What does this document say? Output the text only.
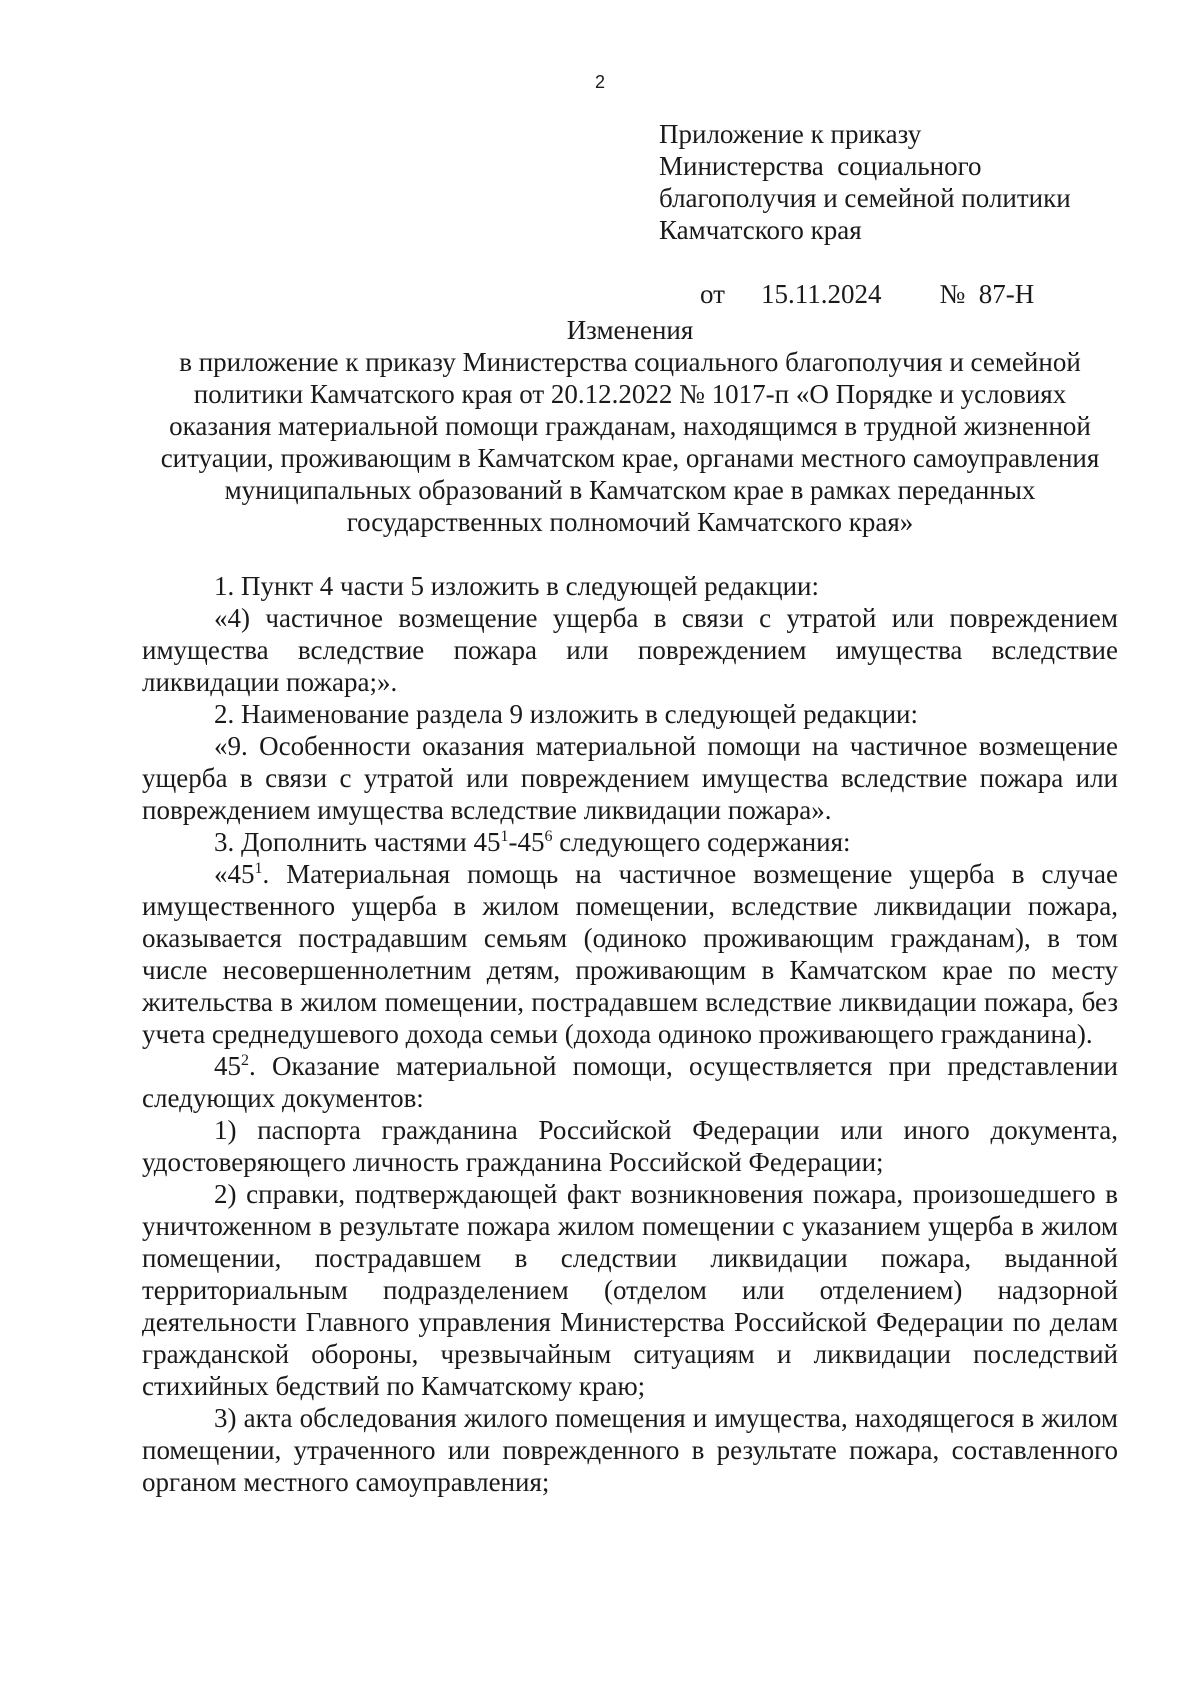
2
Приложение к приказу
Министерства  социального
благополучия и семейной политики
Камчатского края

от 15.11.2024 №  87-Н

Изменения
в приложение к приказу Министерства социального благополучия и семейной политики Камчатского края от 20.12.2022 № 1017-п «О Порядке и условиях оказания материальной помощи гражданам, находящимся в трудной жизненной ситуации, проживающим в Камчатском крае, органами местного самоуправления муниципальных образований в Камчатском крае в рамках переданных государственных полномочий Камчатского края»

1. Пункт 4 части 5 изложить в следующей редакции:

«4) частичное возмещение ущерба в связи с утратой или повреждением имущества вследствие пожара или повреждением имущества вследствие ликвидации пожара;».

2. Наименование раздела 9 изложить в следующей редакции:

«9. Особенности оказания материальной помощи на частичное возмещение ущерба в связи с утратой или повреждением имущества вследствие пожара или повреждением имущества вследствие ликвидации пожара».

3. Дополнить частями $45^1-45^6$ следующего содержания:

«$45^1$. Материальная помощь на частичное возмещение ущерба в случае имущественного ущерба в жилом помещении, вследствие ликвидации пожара, оказывается пострадавшим семьям (одиноко проживающим гражданам), в том числе несовершеннолетним детям, проживающим в Камчатском крае по месту жительства в жилом помещении, пострадавшем вследствие ликвидации пожара, без учета среднедушевого дохода семьи (дохода одиноко проживающего гражданина).

$45^2$. Оказание материальной помощи, осуществляется при представлении следующих документов:

1) паспорта гражданина Российской Федерации или иного документа, удостоверяющего личность гражданина Российской Федерации;

2) справки, подтверждающей факт возникновения пожара, произошедшего в уничтоженном в результате пожара жилом помещении с указанием ущерба в жилом помещении, пострадавшем в следствии ликвидации пожара, выданной территориальным подразделением (отделом или отделением) надзорной деятельности Главного управления Министерства Российской Федерации по делам гражданской обороны, чрезвычайным ситуациям и ликвидации последствий стихийных бедствий по Камчатскому краю;

3) акта обследования жилого помещения и имущества, находящегося в жилом помещении, утраченного или поврежденного в результате пожара, составленного органом местного самоуправления;
